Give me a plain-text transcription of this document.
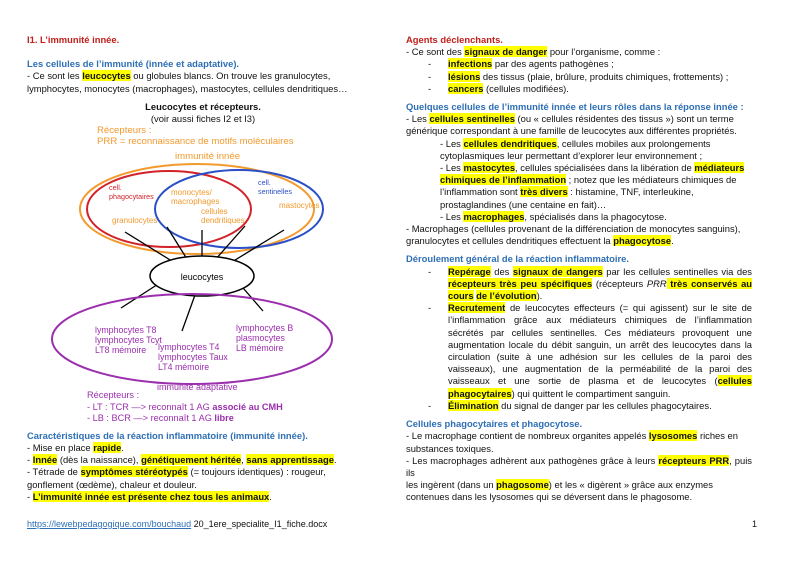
I1. L’immunité innée.

Les cellules de l’immunité (innée et adaptative).

- Ce sont les leucocytes ou globules blancs. On trouve les granulocytes,

lymphocytes, monocytes (macrophages), mastocytes, cellules dendritiques…

Leucocytes et récepteurs.

(voir aussi fiches I2 et I3)

Récepteurs :
PRR = reconnaissance de motifs moléculaires
immunité innée
cell.
phagocytaires
granulocytes
monocytes/
macrophages
cellules
dendritiques
cell.
sentinelles
mastocytes
leucocytes
lymphocytes T8
lymphocytes Tcyt
LT8 mémoire lymphocytes T4
lymphocytes Taux
LT4 mémoire
lymphocytes B
plasmocytes
LB mémoire
immunité adaptative

Récepteurs :

- LT : TCR —> reconnaît 1 AG associé au CMH

- LB : BCR —> reconnaît 1 AG libre

Caractéristiques de la réaction inflammatoire (immunité innée).

- Mise en place rapide.

- Innée (dès la naissance), génétiquement héritée, sans apprentissage.

- Tétrade de symptômes stéréotypés (= toujours identiques) : rougeur,

gonflement (œdème), chaleur et douleur.

- L’immunité innée est présente chez tous les animaux.

Agents déclenchants.

- Ce sont des signaux de danger pour l’organisme, comme :

-	infections par des agents pathogènes ;
-	lésions des tissus (plaie, brûlure, produits chimiques, frottements) ;
-	cancers (cellules modifiées).

Quelques cellules de l’immunité innée et leurs rôles dans la réponse innée :

- Les cellules sentinelles (ou « cellules résidentes des tissus ») sont un terme

générique correspondant à une famille de leucocytes aux différentes propriétés.

- Les cellules dendritiques, cellules mobiles aux prolongements

cytoplasmiques leur permettant d’explorer leur environnement ;

- Les mastocytes, cellules spécialisées dans la libération de médiateurs

chimiques de l’inflammation ; notez que les médiateurs chimiques de

l’inflammation sont très divers : histamine, TNF, interleukine,

prostaglandines (une centaine en fait)…

- Les macrophages, spécialisés dans la phagocytose.

- Macrophages (cellules provenant de la différenciation de monocytes sanguins),

granulocytes et cellules dendritiques effectuent la phagocytose.

Déroulement général de la réaction inflammatoire.

-	Repérage des signaux de dangers par les cellules sentinelles via des récepteurs très peu spécifiques (récepteurs PRR très conservés au cours de l’évolution).
-	Recrutement de leucocytes effecteurs (= qui agissent) sur le site de l’inflammation grâce aux médiateurs chimiques de l’inflammation sécrétés par cellules sentinelles. Ces médiateurs provoquent une augmentation locale du débit sanguin, un arrêt des leucocytes dans la circulation (suite à une adhésion sur les cellules de la paroi des vaisseaux), une augmentation de la perméabilité de la paroi des vaisseaux et une sortie de plasma et de leucocytes (cellules phagocytaires) qui quittent le compartiment sanguin.
-	Élimination du signal de danger par les cellules phagocytaires.

Cellules phagocytaires et phagocytose.

- Le macrophage contient de nombreux organites appelés lysosomes riches en

substances toxiques.

- Les macrophages adhèrent aux pathogènes grâce à leurs récepteurs PRR, puis ils

les ingèrent (dans un phagosome) et les « digèrent » grâce aux enzymes

contenues dans les lysosomes qui se déversent dans le phagosome.

https://lewebpedagogique.com/bouchaud 20_1ere_specialite_I1_fiche.docx	1
